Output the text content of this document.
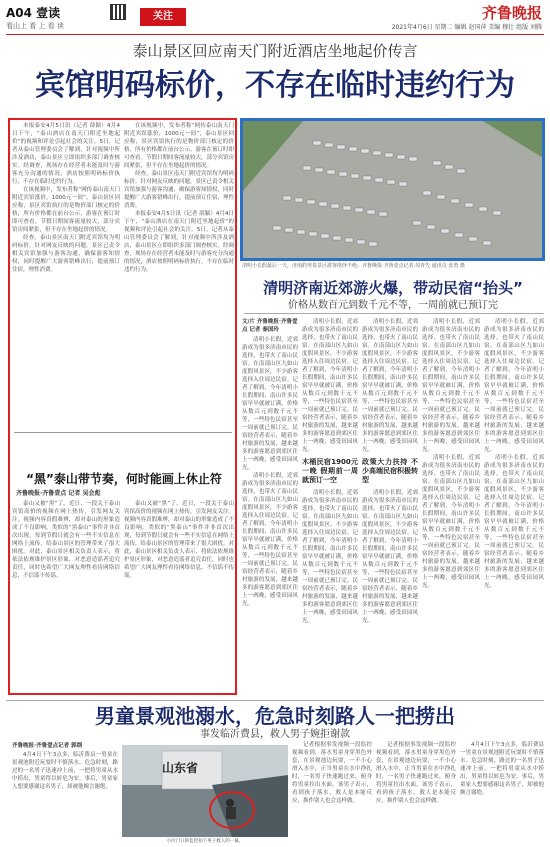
A04 壹读
看山上 看 上 看 读
关注	齐鲁晚报
2021年4月6日 星期二 编辑 赵国萍 美编 穆壮 组版 刘腾
泰山景区回应南天门附近酒店坐地起价传言
宾馆明码标价，不存在临时违约行为

本报泰安4月5日讯（记者 薛颖）4月4日下午，“泰山酒店在南天门附近坐地起价”的视频和评论引起社会的关注。5日，记者从泰山管理委员会了解到，针对视频中所涉及酒店，泰山景区立即组织多部门调查核实。经调查，现场存在经营者未能及时与游客充分沟通的情况，酒店按照明码标价执行，不存在临时违约行为。

在该视频中，发布者称“网传泰山南天门附近宾馆涨价，1000元一间”，泰山景区回应称，景区宾馆执行的是物价部门核定的价格，所有价格都在前台公示，游客在预订时即可查看。节假日期间客流量较大，部分宾馆房间紧张，但不存在坐地起价的情况。

经查，泰山景区南天门附近宾馆均为明码标价。针对网友反映的问题，景区已责令相关宾馆加强与游客沟通，确保游客知情权，同时提醒广大游客错峰出行，提前预订住宿，理性消费。

在该视频中，发布者称“网传泰山南天门附近宾馆涨价，1000元一间”，泰山景区回应称，景区宾馆执行的是物价部门核定的价格，所有价格都在前台公示，游客在预订时即可查看。节假日期间客流量较大，部分宾馆房间紧张，但不存在坐地起价的情况。

经查，泰山景区南天门附近宾馆均为明码标价。针对网友反映的问题，景区已责令相关宾馆加强与游客沟通，确保游客知情权，同时提醒广大游客错峰出行，提前预订住宿，理性消费。

本报泰安4月5日讯（记者 薛颖）4月4日下午，“泰山酒店在南天门附近坐地起价”的视频和评论引起社会的关注。5日，记者从泰山管理委员会了解到，针对视频中所涉及酒店，泰山景区立即组织多部门调查核实。经调查，现场存在经营者未能及时与游客充分沟通的情况，酒店按照明码标价执行，不存在临时违约行为。

“黑”泰山带节奏，何时能画上休止符
齐鲁晚报·齐鲁壹点 记者 吴会彪

泰山又被“黑”了。近日，一段关于泰山宾馆高价的视频在网上热传，引发网友关注。视频内容真假难辨，却对泰山的形象造成了不良影响。类似的“黑泰山”事件并非首次出现，每到节假日就会有一些不实信息在网络上流传，给泰山景区的管理带来了很大困扰。对此，泰山景区相关负责人表示，将依法依规维护景区形象，对恶意造谣者追究责任，同时也希望广大网友理性看待网络信息，不信谣不传谣。

泰山又被“黑”了。近日，一段关于泰山宾馆高价的视频在网上热传，引发网友关注。视频内容真假难辨，却对泰山的形象造成了不良影响。类似的“黑泰山”事件并非首次出现，每到节假日就会有一些不实信息在网络上流传，给泰山景区的管理带来了很大困扰。对此，泰山景区相关负责人表示，将依法依规维护景区形象，对恶意造谣者追究责任，同时也希望广大网友理性看待网络信息，不信谣不传谣。

清明小长假最后一天，济南趵突泉景区游客络绎不绝。齐鲁晚报·齐鲁壹点记者 周青先 通讯员 张勇 摄
清明济南近郊游火爆，带动民宿“抬头”
价格从数百元到数千元不等，一周前就已预订完
文/片 齐鲁晚报·齐鲁壹点 记者 秦国玲

清明小长假，近郊游成为很多济南市民的选择，也带火了南山民宿。在南部山区九如山度假风景区，不少游客选择入住周边民宿。记者了解到，今年清明小长假期间，南山许多民宿早早就被订满，价格从数百元到数千元不等，一些特色民宿甚至一周前就已预订完。民宿经营者表示，随着乡村旅游的发展，越来越多的游客愿意到郊区住上一两晚，感受田园风光。

清明小长假，近郊游成为很多济南市民的选择，也带火了南山民宿。在南部山区九如山度假风景区，不少游客选择入住周边民宿。记者了解到，今年清明小长假期间，南山许多民宿早早就被订满，价格从数百元到数千元不等，一些特色民宿甚至一周前就已预订完。民宿经营者表示，随着乡村旅游的发展，越来越多的游客愿意到郊区住上一两晚，感受田园风光。

清明小长假，近郊游成为很多济南市民的选择，也带火了南山民宿。在南部山区九如山度假风景区，不少游客选择入住周边民宿。记者了解到，今年清明小长假期间，南山许多民宿早早就被订满，价格从数百元到数千元不等，一些特色民宿甚至一周前就已预订完。民宿经营者表示，随着乡村旅游的发展，越来越多的游客愿意到郊区住上一两晚，感受田园风光。

木桶民宿1900元一晚 假期前一周就预订一空

清明小长假，近郊游成为很多济南市民的选择，也带火了南山民宿。在南部山区九如山度假风景区，不少游客选择入住周边民宿。记者了解到，今年清明小长假期间，南山许多民宿早早就被订满，价格从数百元到数千元不等，一些特色民宿甚至一周前就已预订完。民宿经营者表示，随着乡村旅游的发展，越来越多的游客愿意到郊区住上一两晚，感受田园风光。

清明小长假，近郊游成为很多济南市民的选择，也带火了南山民宿。在南部山区九如山度假风景区，不少游客选择入住周边民宿。记者了解到，今年清明小长假期间，南山许多民宿早早就被订满，价格从数百元到数千元不等，一些特色民宿甚至一周前就已预订完。民宿经营者表示，随着乡村旅游的发展，越来越多的游客愿意到郊区住上一两晚，感受田园风光。

政策大力扶持 不少高端民宿积极转型

清明小长假，近郊游成为很多济南市民的选择，也带火了南山民宿。在南部山区九如山度假风景区，不少游客选择入住周边民宿。记者了解到，今年清明小长假期间，南山许多民宿早早就被订满，价格从数百元到数千元不等，一些特色民宿甚至一周前就已预订完。民宿经营者表示，随着乡村旅游的发展，越来越多的游客愿意到郊区住上一两晚，感受田园风光。

清明小长假，近郊游成为很多济南市民的选择，也带火了南山民宿。在南部山区九如山度假风景区，不少游客选择入住周边民宿。记者了解到，今年清明小长假期间，南山许多民宿早早就被订满，价格从数百元到数千元不等，一些特色民宿甚至一周前就已预订完。民宿经营者表示，随着乡村旅游的发展，越来越多的游客愿意到郊区住上一两晚，感受田园风光。

清明小长假，近郊游成为很多济南市民的选择，也带火了南山民宿。在南部山区九如山度假风景区，不少游客选择入住周边民宿。记者了解到，今年清明小长假期间，南山许多民宿早早就被订满，价格从数百元到数千元不等，一些特色民宿甚至一周前就已预订完。民宿经营者表示，随着乡村旅游的发展，越来越多的游客愿意到郊区住上一两晚，感受田园风光。

清明小长假，近郊游成为很多济南市民的选择，也带火了南山民宿。在南部山区九如山度假风景区，不少游客选择入住周边民宿。记者了解到，今年清明小长假期间，南山许多民宿早早就被订满，价格从数百元到数千元不等，一些特色民宿甚至一周前就已预订完。民宿经营者表示，随着乡村旅游的发展，越来越多的游客愿意到郊区住上一两晚，感受田园风光。

清明小长假，近郊游成为很多济南市民的选择，也带火了南山民宿。在南部山区九如山度假风景区，不少游客选择入住周边民宿。记者了解到，今年清明小长假期间，南山许多民宿早早就被订满，价格从数百元到数千元不等，一些特色民宿甚至一周前就已预订完。民宿经营者表示，随着乡村旅游的发展，越来越多的游客愿意到郊区住上一两晚，感受田园风光。

男童景观池溺水，危急时刻路人一把捞出
事发临沂费县，救人男子婉拒谢款
齐鲁晚报·齐鲁壹点记者 郭纲

4月4日下午3点多，临沂费县一男童在景观池附近玩耍时不慎落水。危急时刻，路过的一名男子迅速冲上前，一把将男童从水中捞出，男童得以转危为安。事后，男童家人想要感谢这名男子，却被他婉言谢绝。

山东省
小区门口的监控拍下男子救人的一幕。

记者根据事发视频一段监控视频看到，落水男童身穿黑色外套，在景观池边玩耍，一不小心滑入水中，正当男童在水中挣扎时，一名男子快速跑过来，俯身将男童拉出水面。该男子表示，看到孩子落水，救人是本能反应，换作别人也会这样做。

记者根据事发视频一段监控视频看到，落水男童身穿黑色外套，在景观池边玩耍，一不小心滑入水中，正当男童在水中挣扎时，一名男子快速跑过来，俯身将男童拉出水面。该男子表示，看到孩子落水，救人是本能反应，换作别人也会这样做。

4月4日下午3点多，临沂费县一男童在景观池附近玩耍时不慎落水。危急时刻，路过的一名男子迅速冲上前，一把将男童从水中捞出，男童得以转危为安。事后，男童家人想要感谢这名男子，却被他婉言谢绝。
